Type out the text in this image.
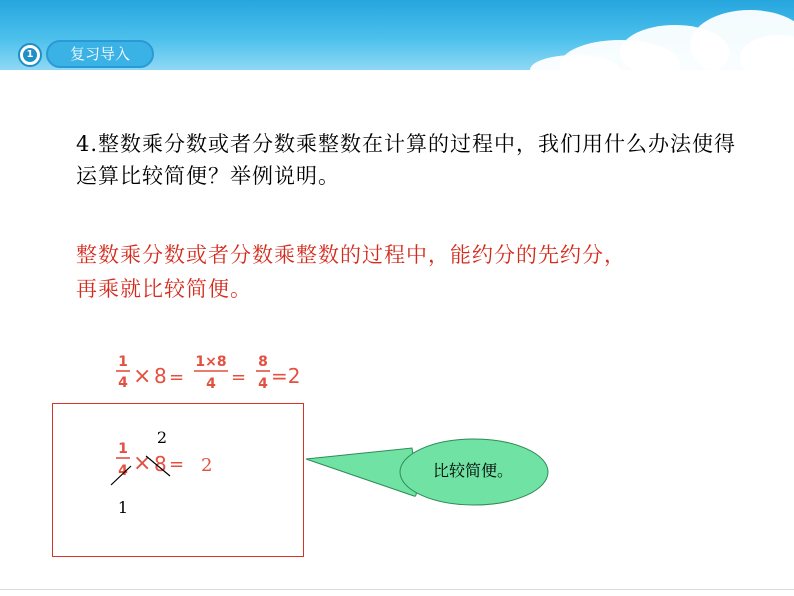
1	复习导入
4.整数乘分数或者分数乘整数在计算的过程中，我们用什么办法使得运算比较简便？举例说明。
整数乘分数或者分数乘整数的过程中，能约分的先约分，
再乘就比较简便。
1
4 × 8 =
1×8
4 =
8
4 =2
2
1
4 × 8 = 2
1
比较简便。
